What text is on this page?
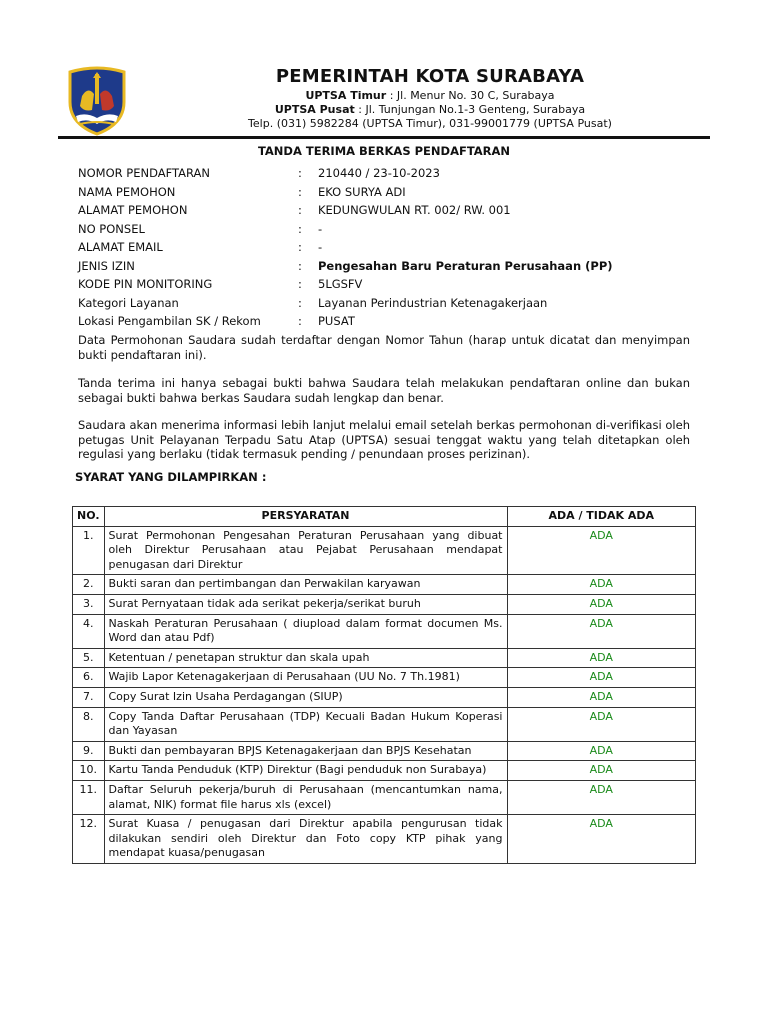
PEMERINTAH KOTA SURABAYA
UPTSA Timur : Jl. Menur No. 30 C, Surabaya
UPTSA Pusat : Jl. Tunjungan No.1-3 Genteng, Surabaya
Telp. (031) 5982284 (UPTSA Timur), 031-99001779 (UPTSA Pusat)
TANDA TERIMA BERKAS PENDAFTARAN
NOMOR PENDAFTARAN	: 210440 / 23-10-2023
NAMA PEMOHON	: EKO SURYA ADI
ALAMAT PEMOHON	: KEDUNGWULAN RT. 002/ RW. 001
NO PONSEL	: -
ALAMAT EMAIL	: -
JENIS IZIN	: Pengesahan Baru Peraturan Perusahaan (PP)
KODE PIN MONITORING	: 5LGSFV
Kategori Layanan	: Layanan Perindustrian Ketenagakerjaan
Lokasi Pengambilan SK / Rekom	: PUSAT
Data Permohonan Saudara sudah terdaftar dengan Nomor Tahun (harap untuk dicatat dan menyimpan bukti pendaftaran ini).
Tanda terima ini hanya sebagai bukti bahwa Saudara telah melakukan pendaftaran online dan bukan sebagai bukti bahwa berkas Saudara sudah lengkap dan benar.
Saudara akan menerima informasi lebih lanjut melalui email setelah berkas permohonan di-verifikasi oleh petugas Unit Pelayanan Terpadu Satu Atap (UPTSA) sesuai tenggat waktu yang telah ditetapkan oleh regulasi yang berlaku (tidak termasuk pending / penundaan proses perizinan).
SYARAT YANG DILAMPIRKAN :
NO.	PERSYARATAN	ADA / TIDAK ADA
1.	Surat Permohonan Pengesahan Peraturan Perusahaan yang dibuat oleh Direktur Perusahaan atau Pejabat Perusahaan mendapat penugasan dari Direktur	ADA
2.	Bukti saran dan pertimbangan dan Perwakilan karyawan	ADA
3.	Surat Pernyataan tidak ada serikat pekerja/serikat buruh	ADA
4.	Naskah Peraturan Perusahaan ( diupload dalam format documen Ms. Word dan atau Pdf)	ADA
5.	Ketentuan / penetapan struktur dan skala upah	ADA
6.	Wajib Lapor Ketenagakerjaan di Perusahaan (UU No. 7 Th.1981)	ADA
7.	Copy Surat Izin Usaha Perdagangan (SIUP)	ADA
8.	Copy Tanda Daftar Perusahaan (TDP) Kecuali Badan Hukum Koperasi dan Yayasan	ADA
9.	Bukti dan pembayaran BPJS Ketenagakerjaan dan BPJS Kesehatan	ADA
10.	Kartu Tanda Penduduk (KTP) Direktur (Bagi penduduk non Surabaya)	ADA
11.	Daftar Seluruh pekerja/buruh di Perusahaan (mencantumkan nama, alamat, NIK) format file harus xls (excel)	ADA
12.	Surat Kuasa / penugasan dari Direktur apabila pengurusan tidak dilakukan sendiri oleh Direktur dan Foto copy KTP pihak yang mendapat kuasa/penugasan	ADA
